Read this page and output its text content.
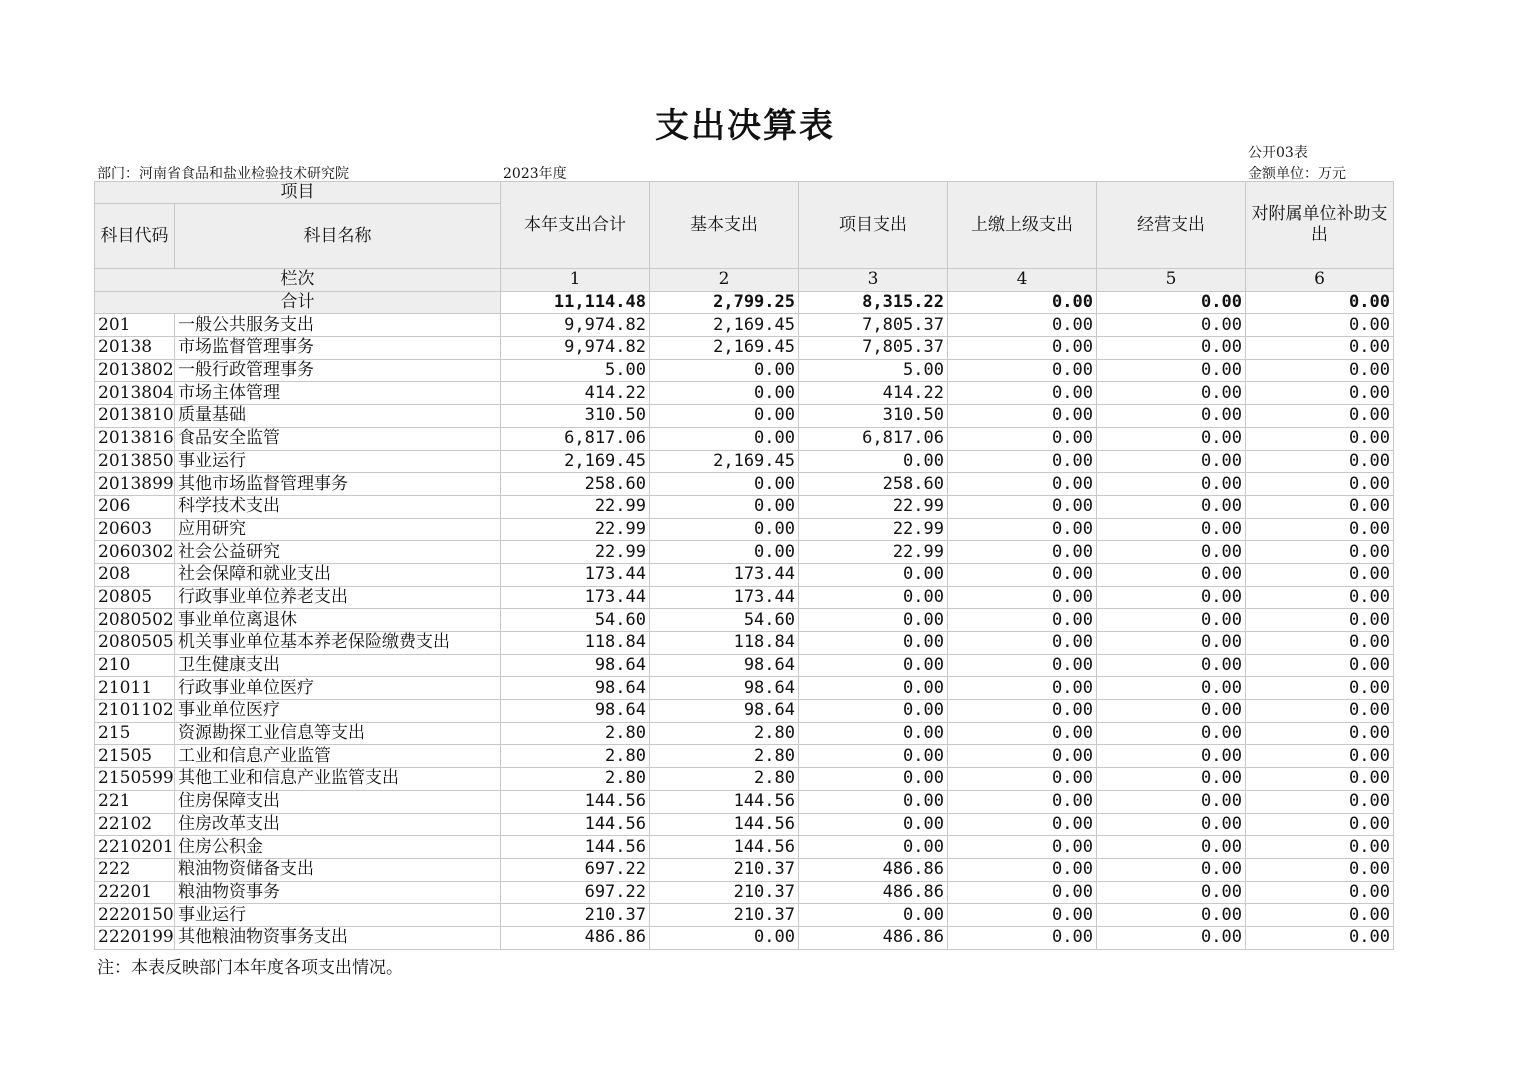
支出决算表
公开03表
部门：河南省食品和盐业检验技术研究院	2023年度	金额单位：万元
项目		本年支出合计	基本支出	项目支出	上缴上级支出	经营支出	对附属单位补助支出
科目代码	科目名称						
栏次		1	2	3	4	5	6
合计		11,114.48	2,799.25	8,315.22	0.00	0.00	0.00
201	一般公共服务支出	9,974.82	2,169.45	7,805.37	0.00	0.00	0.00
20138	市场监督管理事务	9,974.82	2,169.45	7,805.37	0.00	0.00	0.00
2013802	一般行政管理事务	5.00	0.00	5.00	0.00	0.00	0.00
2013804	市场主体管理	414.22	0.00	414.22	0.00	0.00	0.00
2013810	质量基础	310.50	0.00	310.50	0.00	0.00	0.00
2013816	食品安全监管	6,817.06	0.00	6,817.06	0.00	0.00	0.00
2013850	事业运行	2,169.45	2,169.45	0.00	0.00	0.00	0.00
2013899	其他市场监督管理事务	258.60	0.00	258.60	0.00	0.00	0.00
206	科学技术支出	22.99	0.00	22.99	0.00	0.00	0.00
20603	应用研究	22.99	0.00	22.99	0.00	0.00	0.00
2060302	社会公益研究	22.99	0.00	22.99	0.00	0.00	0.00
208	社会保障和就业支出	173.44	173.44	0.00	0.00	0.00	0.00
20805	行政事业单位养老支出	173.44	173.44	0.00	0.00	0.00	0.00
2080502	事业单位离退休	54.60	54.60	0.00	0.00	0.00	0.00
2080505	机关事业单位基本养老保险缴费支出	118.84	118.84	0.00	0.00	0.00	0.00
210	卫生健康支出	98.64	98.64	0.00	0.00	0.00	0.00
21011	行政事业单位医疗	98.64	98.64	0.00	0.00	0.00	0.00
2101102	事业单位医疗	98.64	98.64	0.00	0.00	0.00	0.00
215	资源勘探工业信息等支出	2.80	2.80	0.00	0.00	0.00	0.00
21505	工业和信息产业监管	2.80	2.80	0.00	0.00	0.00	0.00
2150599	其他工业和信息产业监管支出	2.80	2.80	0.00	0.00	0.00	0.00
221	住房保障支出	144.56	144.56	0.00	0.00	0.00	0.00
22102	住房改革支出	144.56	144.56	0.00	0.00	0.00	0.00
2210201	住房公积金	144.56	144.56	0.00	0.00	0.00	0.00
222	粮油物资储备支出	697.22	210.37	486.86	0.00	0.00	0.00
22201	粮油物资事务	697.22	210.37	486.86	0.00	0.00	0.00
2220150	事业运行	210.37	210.37	0.00	0.00	0.00	0.00
2220199	其他粮油物资事务支出	486.86	0.00	486.86	0.00	0.00	0.00
注：本表反映部门本年度各项支出情况。
